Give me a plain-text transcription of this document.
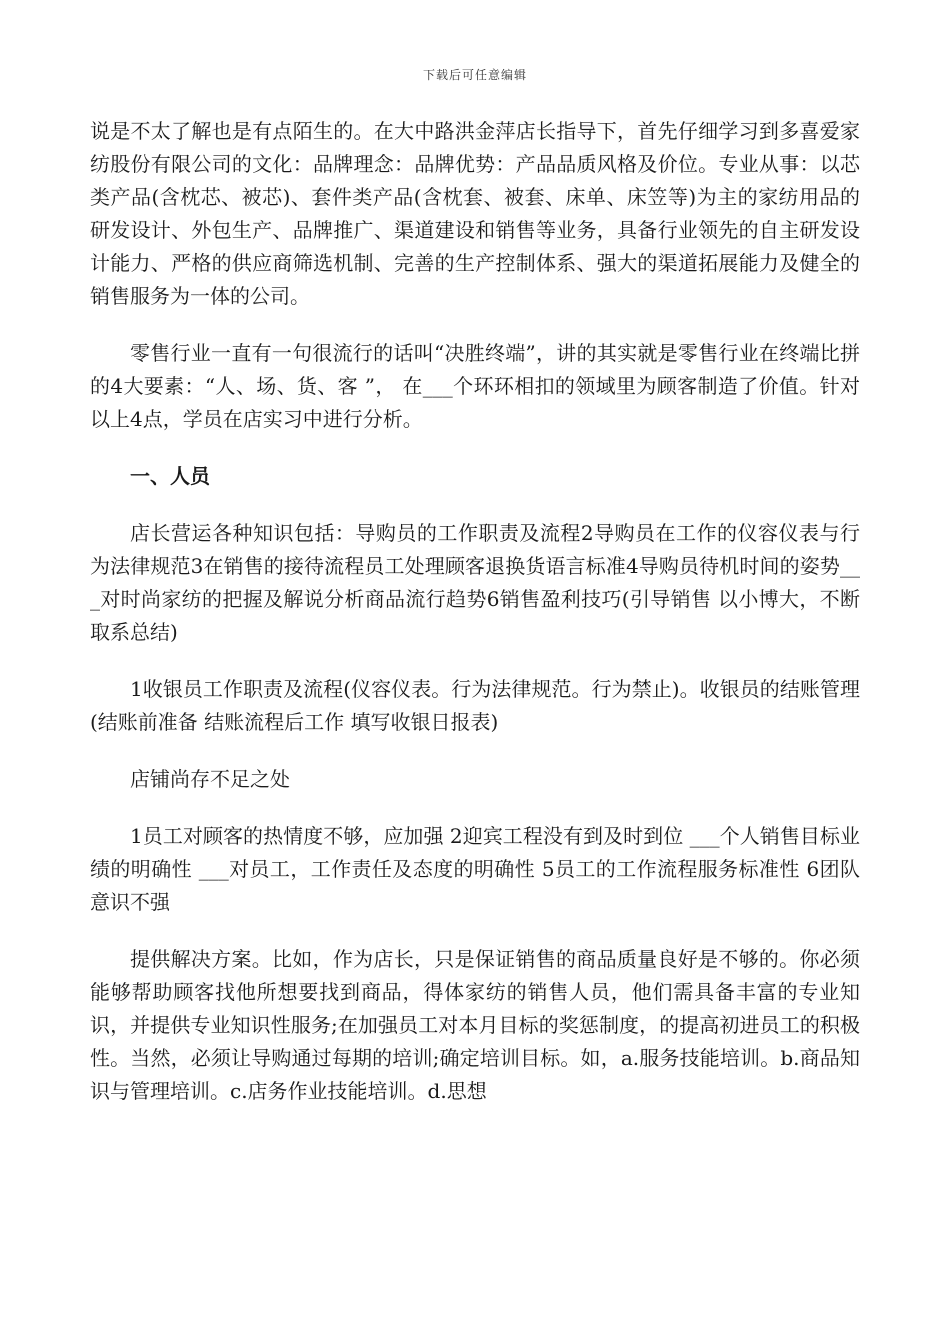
下载后可任意编辑

说是不太了解也是有点陌生的。在大中路洪金萍店长指导下，首先仔细学习到多喜爱家纺股份有限公司的文化：品牌理念：品牌优势：产品品质风格及价位。专业从事：以芯类产品(含枕芯、被芯)、套件类产品(含枕套、被套、床单、床笠等)为主的家纺用品的研发设计、外包生产、品牌推广、渠道建设和销售等业务，具备行业领先的自主研发设计能力、严格的供应商筛选机制、完善的生产控制体系、强大的渠道拓展能力及健全的销售服务为一体的公司。

零售行业一直有一句很流行的话叫“决胜终端”，讲的其实就是零售行业在终端比拼的4大要素：“人、场、货、客 ”， 在___个环环相扣的领域里为顾客制造了价值。针对以上4点，学员在店实习中进行分析。

一、人员

店长营运各种知识包括：导购员的工作职责及流程2导购员在工作的仪容仪表与行为法律规范3在销售的接待流程员工处理顾客退换货语言标准4导购员待机时间的姿势___对时尚家纺的把握及解说分析商品流行趋势6销售盈利技巧(引导销售 以小博大，不断取系总结)

1收银员工作职责及流程(仪容仪表。行为法律规范。行为禁止)。收银员的结账管理(结账前准备 结账流程后工作 填写收银日报表)

店铺尚存不足之处

1员工对顾客的热情度不够，应加强 2迎宾工程没有到及时到位 ___个人销售目标业绩的明确性 ___对员工，工作责任及态度的明确性 5员工的工作流程服务标准性 6团队意识不强

提供解决方案。比如，作为店长，只是保证销售的商品质量良好是不够的。你必须能够帮助顾客找他所想要找到商品，得体家纺的销售人员，他们需具备丰富的专业知识，并提供专业知识性服务;在加强员工对本月目标的奖惩制度，的提高初进员工的积极性。当然，必须让导购通过每期的培训;确定培训目标。如，a.服务技能培训。b.商品知识与管理培训。c.店务作业技能培训。d.思想
